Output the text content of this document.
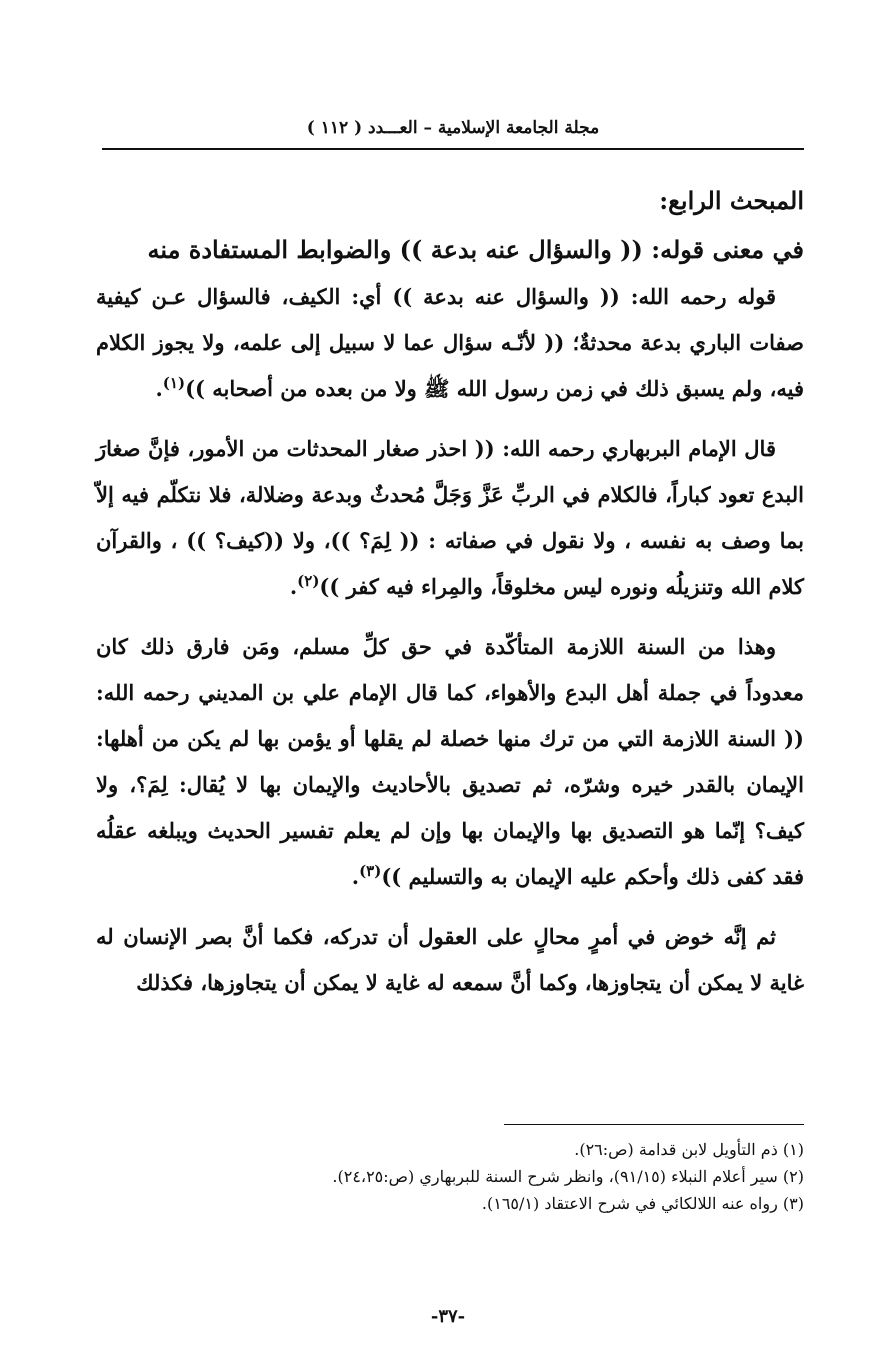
مجلة الجامعة الإسلامية – العـــدد ( ١١٢ )
المبحث الرابع:
في معنى قوله: (( والسؤال عنه بدعة )) والضوابط المستفادة منه

قوله رحمه الله: (( والسؤال عنه بدعة )) أي: الكيف، فالسؤال عـن كيفية صفات الباري بدعة محدثةٌ؛ (( لأنّـه سؤال عما لا سبيل إلى علمه، ولا يجوز الكلام فيه، ولم يسبق ذلك في زمن رسول الله ﷺ ولا من بعده من أصحابه ))$^{(١)}$.

قال الإمام البربهاري رحمه الله: (( احذر صغار المحدثات من الأمور، فإنَّ صغارَ البدع تعود كباراً، فالكلام في الربِّ عَزَّ وَجَلَّ مُحدثٌ وبدعة وضلالة، فلا نتكلّم فيه إلاّ بما وصف به نفسه ، ولا نقول في صفاته : (( لِمَ؟ ))، ولا ((كيف؟ )) ، والقرآن كلام الله وتنزيلُه ونوره ليس مخلوقاً، والمِراء فيه كفر ))$^{(٢)}$.

وهذا من السنة اللازمة المتأكّدة في حق كلِّ مسلم، ومَن فارق ذلك كان معدوداً في جملة أهل البدع والأهواء، كما قال الإمام علي بن المديني رحمه الله: (( السنة اللازمة التي من ترك منها خصلة لم يقلها أو يؤمن بها لم يكن من أهلها: الإيمان بالقدر خيره وشرّه، ثم تصديق بالأحاديث والإيمان بها لا يُقال: لِمَ؟، ولا كيف؟ إنّما هو التصديق بها والإيمان بها وإن لم يعلم تفسير الحديث ويبلغه عقلُه فقد كفى ذلك وأحكم عليه الإيمان به والتسليم ))$^{(٣)}$.

ثم إنَّه خوض في أمرٍ محالٍ على العقول أن تدركه، فكما أنَّ بصر الإنسان له غاية لا يمكن أن يتجاوزها، وكما أنَّ سمعه له غاية لا يمكن أن يتجاوزها، فكذلك

(١) ذم التأويل لابن قدامة (ص:٢٦).
(٢) سير أعلام النبلاء (٩١/١٥)، وانظر شرح السنة للبربهاري (ص:٢٤،٢٥).
(٣) رواه عنه اللالكائي في شرح الاعتقاد (١٦٥/١).
-٣٧-
